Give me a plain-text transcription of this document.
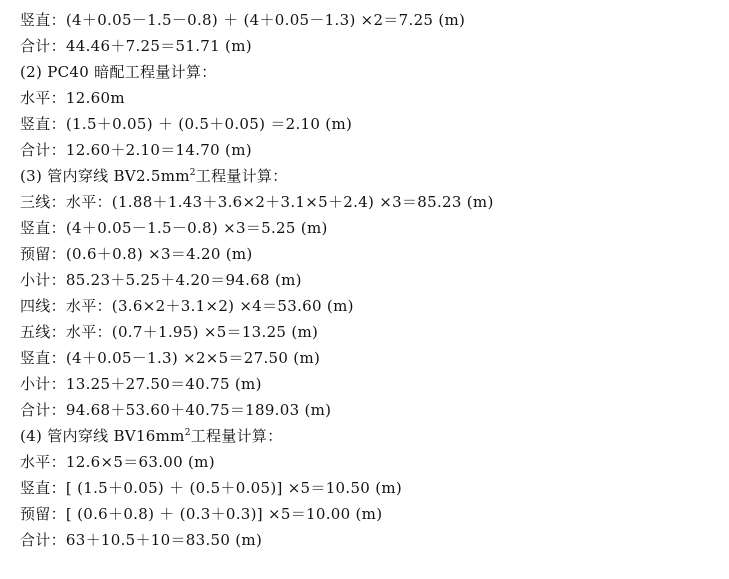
竖直：(4＋0.05－1.5－0.8) ＋ (4＋0.05－1.3) ×2＝7.25 (m)
合计：44.46＋7.25＝51.71 (m)
(2) PC40 暗配工程量计算：
水平：12.60m
竖直：(1.5＋0.05) ＋ (0.5＋0.05) ＝2.10 (m)
合计：12.60＋2.10＝14.70 (m)
(3) 管内穿线 $BV2.5mm^2$工程量计算：
三线：水平：(1.88＋1.43＋3.6×2＋3.1×5＋2.4) ×3＝85.23 (m)
竖直：(4＋0.05－1.5－0.8) ×3＝5.25 (m)
预留：(0.6＋0.8) ×3＝4.20 (m)
小计：85.23＋5.25＋4.20＝94.68 (m)
四线：水平：(3.6×2＋3.1×2) ×4＝53.60 (m)
五线：水平：(0.7＋1.95) ×5＝13.25 (m)
竖直：(4＋0.05－1.3) ×2×5＝27.50 (m)
小计：13.25＋27.50＝40.75 (m)
合计：94.68＋53.60＋40.75＝189.03 (m)
(4) 管内穿线 $BV16mm^2$工程量计算：
水平：12.6×5＝63.00 (m)
竖直：[ (1.5＋0.05) ＋ (0.5＋0.05)] ×5＝10.50 (m)
预留：[ (0.6＋0.8) ＋ (0.3＋0.3)] ×5＝10.00 (m)
合计：63＋10.5＋10＝83.50 (m)
